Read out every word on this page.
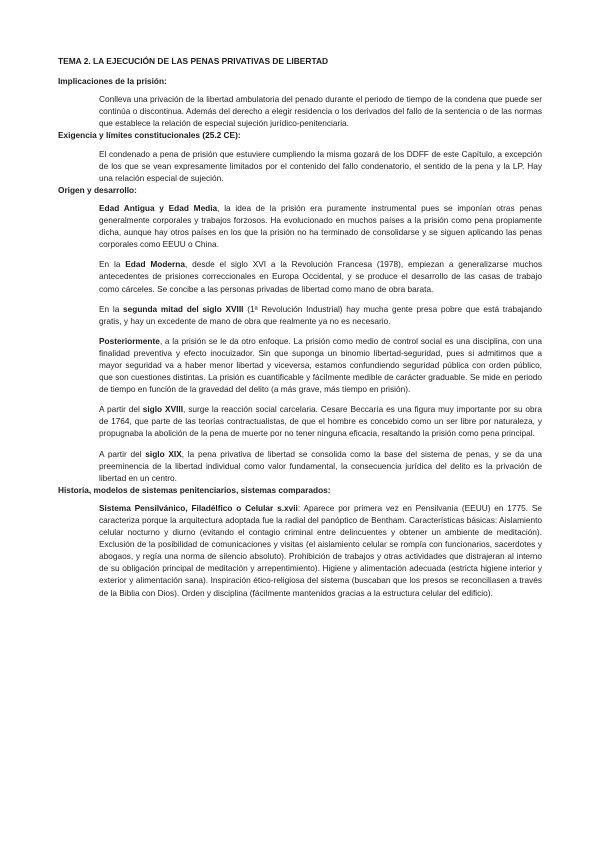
TEMA 2. LA EJECUCIÓN DE LAS PENAS PRIVATIVAS DE LIBERTAD
Implicaciones de la prisión:

Conlleva una privación de la libertad ambulatoria del penado durante el periodo de tiempo de la condena que puede ser continúa o discontinua. Además del derecho a elegir residencia o los derivados del fallo de la sentencia o de las normas que establece la relación de especial sujeción jurídico-penitenciaria.

Exigencia y límites constitucionales (25.2 CE):

El condenado a pena de prisión que estuviere cumpliendo la misma gozará de los DDFF de este Capítulo, a excepción de los que se vean expresamente limitados por el contenido del fallo condenatorio, el sentido de la pena y la LP. Hay una relación especial de sujeción.

Origen y desarrollo:

Edad Antigua y Edad Media, la idea de la prisión era puramente instrumental pues se imponían otras penas generalmente corporales y trabajos forzosos. Ha evolucionado en muchos países a la prisión como pena propiamente dicha, aunque hay otros países en los que la prisión no ha terminado de consolidarse y se siguen aplicando las penas corporales como EEUU o China.

En la Edad Moderna, desde el siglo XVI a la Revolución Francesa (1978), empiezan a generalizarse muchos antecedentes de prisiones correccionales en Europa Occidental, y se produce el desarrollo de las casas de trabajo como cárceles. Se concibe a las personas privadas de libertad como mano de obra barata.

En la segunda mitad del siglo XVIII (1ª Revolución Industrial) hay mucha gente presa pobre que está trabajando gratis, y hay un excedente de mano de obra que realmente ya no es necesario.

Posteriormente, a la prisión se le da otro enfoque. La prisión como medio de control social es una disciplina, con una finalidad preventiva y efecto inocuizador. Sin que suponga un binomio libertad-seguridad, pues si admitimos que a mayor seguridad va a haber menor libertad y viceversa, estamos confundiendo seguridad pública con orden público, que son cuestiones distintas. La prisión es cuantificable y fácilmente medible de carácter graduable. Se mide en periodo de tiempo en función de la gravedad del delito (a más grave, más tiempo en prisión).

A partir del siglo XVIII, surge la reacción social carcelaria. Cesare Beccaría es una figura muy importante por su obra de 1764, que parte de las teorías contractualistas, de que el hombre es concebido como un ser libre por naturaleza, y propugnaba la abolición de la pena de muerte por no tener ninguna eficacia, resaltando la prisión como pena principal.

A partir del siglo XIX, la pena privativa de libertad se consolida como la base del sistema de penas, y se da una preeminencia de la libertad individual como valor fundamental, la consecuencia jurídica del delito es la privación de libertad en un centro.

Historia, modelos de sistemas penitenciarios, sistemas comparados:

Sistema Pensilvánico, Filadélfico o Celular s.xvii: Aparece por primera vez en Pensilvania (EEUU) en 1775. Se caracteriza porque la arquitectura adoptada fue la radial del panóptico de Bentham. Características básicas: Aislamiento celular nocturno y diurno (evitando el contagio criminal entre delincuentes y obtener un ambiente de meditación). Exclusión de la posibilidad de comunicaciones y visitas (el aislamiento celular se rompía con funcionarios, sacerdotes y abogaos, y regía una norma de silencio absoluto). Prohibición de trabajos y otras actividades que distrajeran al interno de su obligación principal de meditación y arrepentimiento). Higiene y alimentación adecuada (estricta higiene interior y exterior y alimentación sana). Inspiración ético-religiosa del sistema (buscaban que los presos se reconciliasen a través de la Biblia con Dios). Orden y disciplina (fácilmente mantenidos gracias a la estructura celular del edificio).
